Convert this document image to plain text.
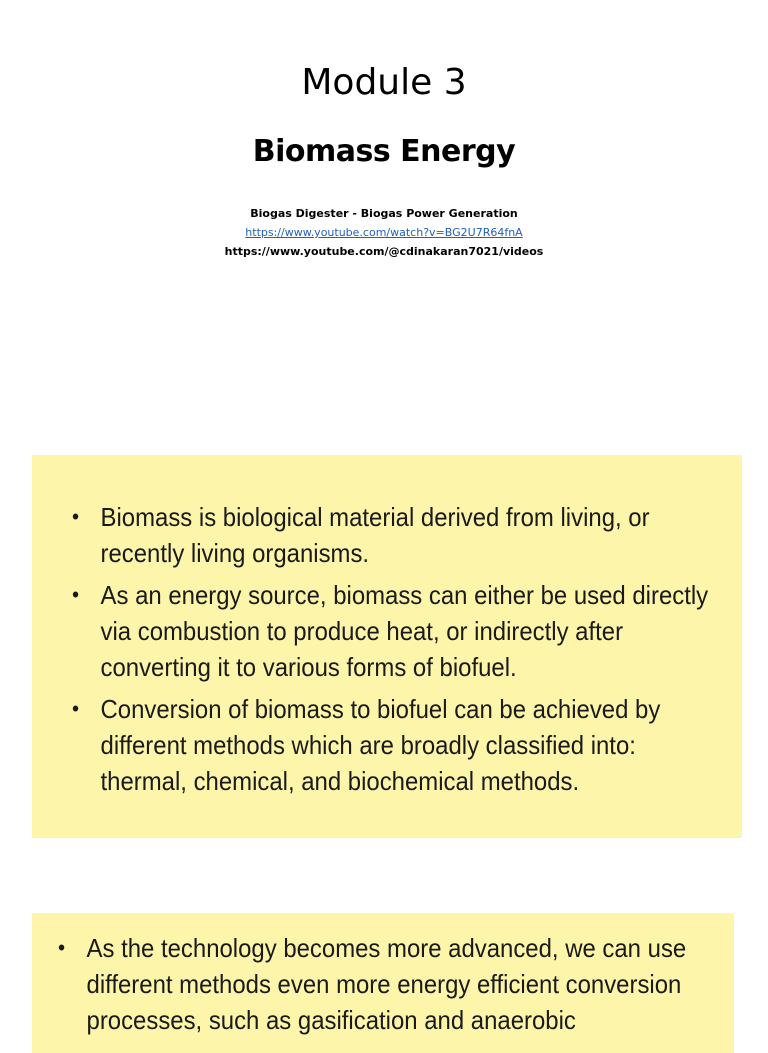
Module 3
Biomass Energy
Biogas Digester - Biogas Power Generation
https://www.youtube.com/watch?v=BG2U7R64fnA
https://www.youtube.com/@cdinakaran7021/videos
• Biomass is biological material derived from living, or recently living organisms.
• As an energy source, biomass can either be used directly via combustion to produce heat, or indirectly after converting it to various forms of biofuel.
• Conversion of biomass to biofuel can be achieved by different methods which are broadly classified into: thermal, chemical, and biochemical methods.
• As the technology becomes more advanced, we can use different methods even more energy efficient conversion processes, such as gasification and anaerobic
